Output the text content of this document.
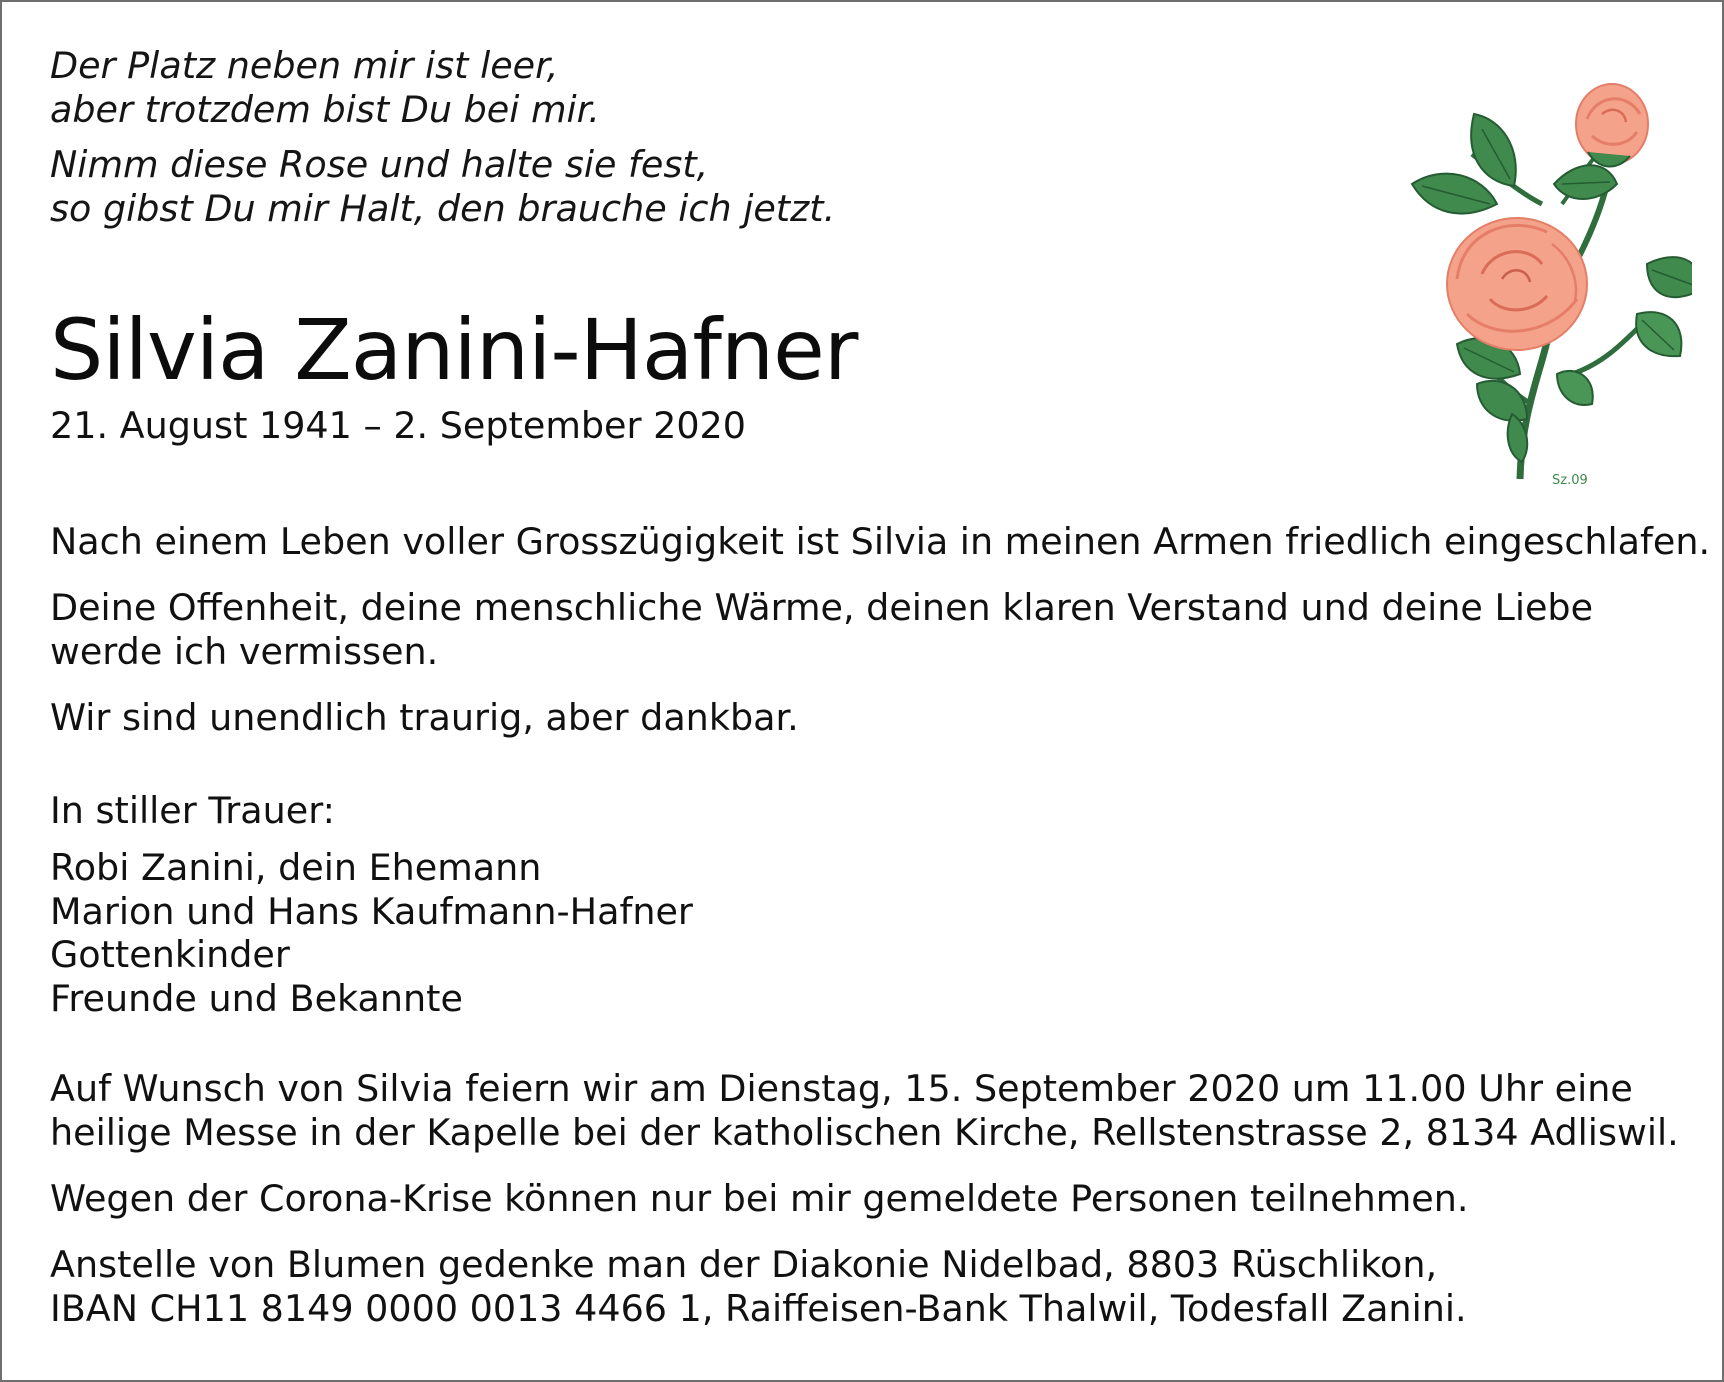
Der Platz neben mir ist leer,

aber trotzdem bist Du bei mir.

Nimm diese Rose und halte sie fest,

so gibst Du mir Halt, den brauche ich jetzt.

Silvia Zanini-Hafner
21. August 1941 – 2. September 2020

Nach einem Leben voller Grosszügigkeit ist Silvia in meinen Armen friedlich eingeschlafen.

Deine Offenheit, deine menschliche Wärme, deinen klaren Verstand und deine Liebe werde ich vermissen.

Wir sind unendlich traurig, aber dankbar.

In stiller Trauer:

Robi Zanini, dein Ehemann
Marion und Hans Kaufmann-Hafner
Gottenkinder
Freunde und Bekannte

Auf Wunsch von Silvia feiern wir am Dienstag, 15. September 2020 um 11.00 Uhr eine
heilige Messe in der Kapelle bei der katholischen Kirche, Rellstenstrasse 2, 8134 Adliswil.

Wegen der Corona-Krise können nur bei mir gemeldete Personen teilnehmen.

Anstelle von Blumen gedenke man der Diakonie Nidelbad, 8803 Rüschlikon,
IBAN CH11 8149 0000 0013 4466 1, Raiffeisen-Bank Thalwil, Todesfall Zanini.

Sz.09
